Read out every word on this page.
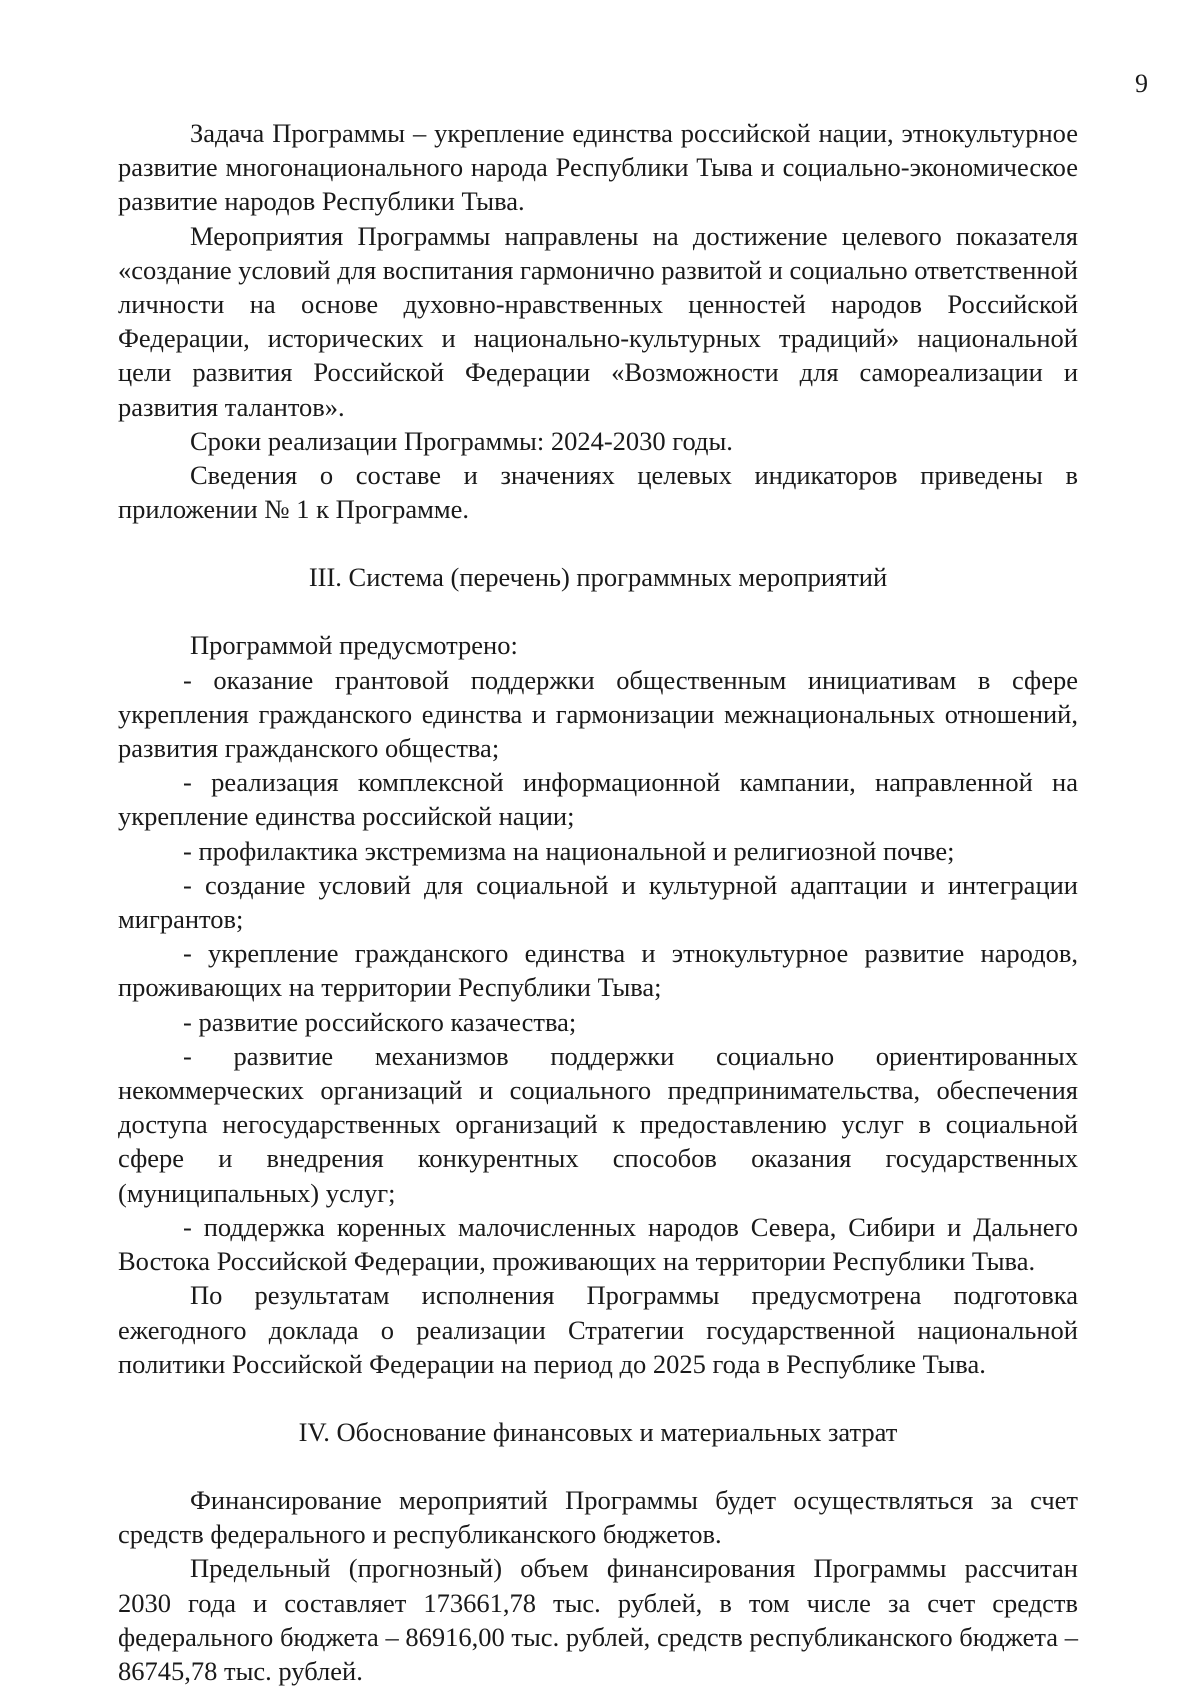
9

Задача Программы – укрепление единства российской нации, этнокультурное развитие многонационального народа Республики Тыва и социально-экономическое развитие народов Республики Тыва.

Мероприятия Программы направлены на достижение целевого показателя «создание условий для воспитания гармонично развитой и социально ответственной личности на основе духовно-нравственных ценностей народов Российской Федерации, исторических и национально-культурных традиций» национальной цели развития Российской Федерации «Возможности для самореализации и развития талантов».

Сроки реализации Программы: 2024-2030 годы.

Сведения о составе и значениях целевых индикаторов приведены в приложении № 1 к Программе.

III. Система (перечень) программных мероприятий

Программой предусмотрено:

- оказание грантовой поддержки общественным инициативам в сфере укрепления гражданского единства и гармонизации межнациональных отношений, развития гражданского общества;

- реализация комплексной информационной кампании, направленной на укрепление единства российской нации;

- профилактика экстремизма на национальной и религиозной почве;

- создание условий для социальной и культурной адаптации и интеграции мигрантов;

- укрепление гражданского единства и этнокультурное развитие народов, проживающих на территории Республики Тыва;

- развитие российского казачества;

- развитие механизмов поддержки социально ориентированных некоммерческих организаций и социального предпринимательства, обеспечения доступа негосударственных организаций к предоставлению услуг в социальной сфере и внедрения конкурентных способов оказания государственных (муниципальных) услуг;

- поддержка коренных малочисленных народов Севера, Сибири и Дальнего Востока Российской Федерации, проживающих на территории Республики Тыва.

По результатам исполнения Программы предусмотрена подготовка ежегодного доклада о реализации Стратегии государственной национальной политики Российской Федерации на период до 2025 года в Республике Тыва.

IV. Обоснование финансовых и материальных затрат

Финансирование мероприятий Программы будет осуществляться за счет средств федерального и республиканского бюджетов.

Предельный (прогнозный) объем финансирования Программы рассчитан 2030 года и составляет 173661,78 тыс. рублей, в том числе за счет средств федерального бюджета – 86916,00 тыс. рублей, средств республиканского бюджета – 86745,78 тыс. рублей.
